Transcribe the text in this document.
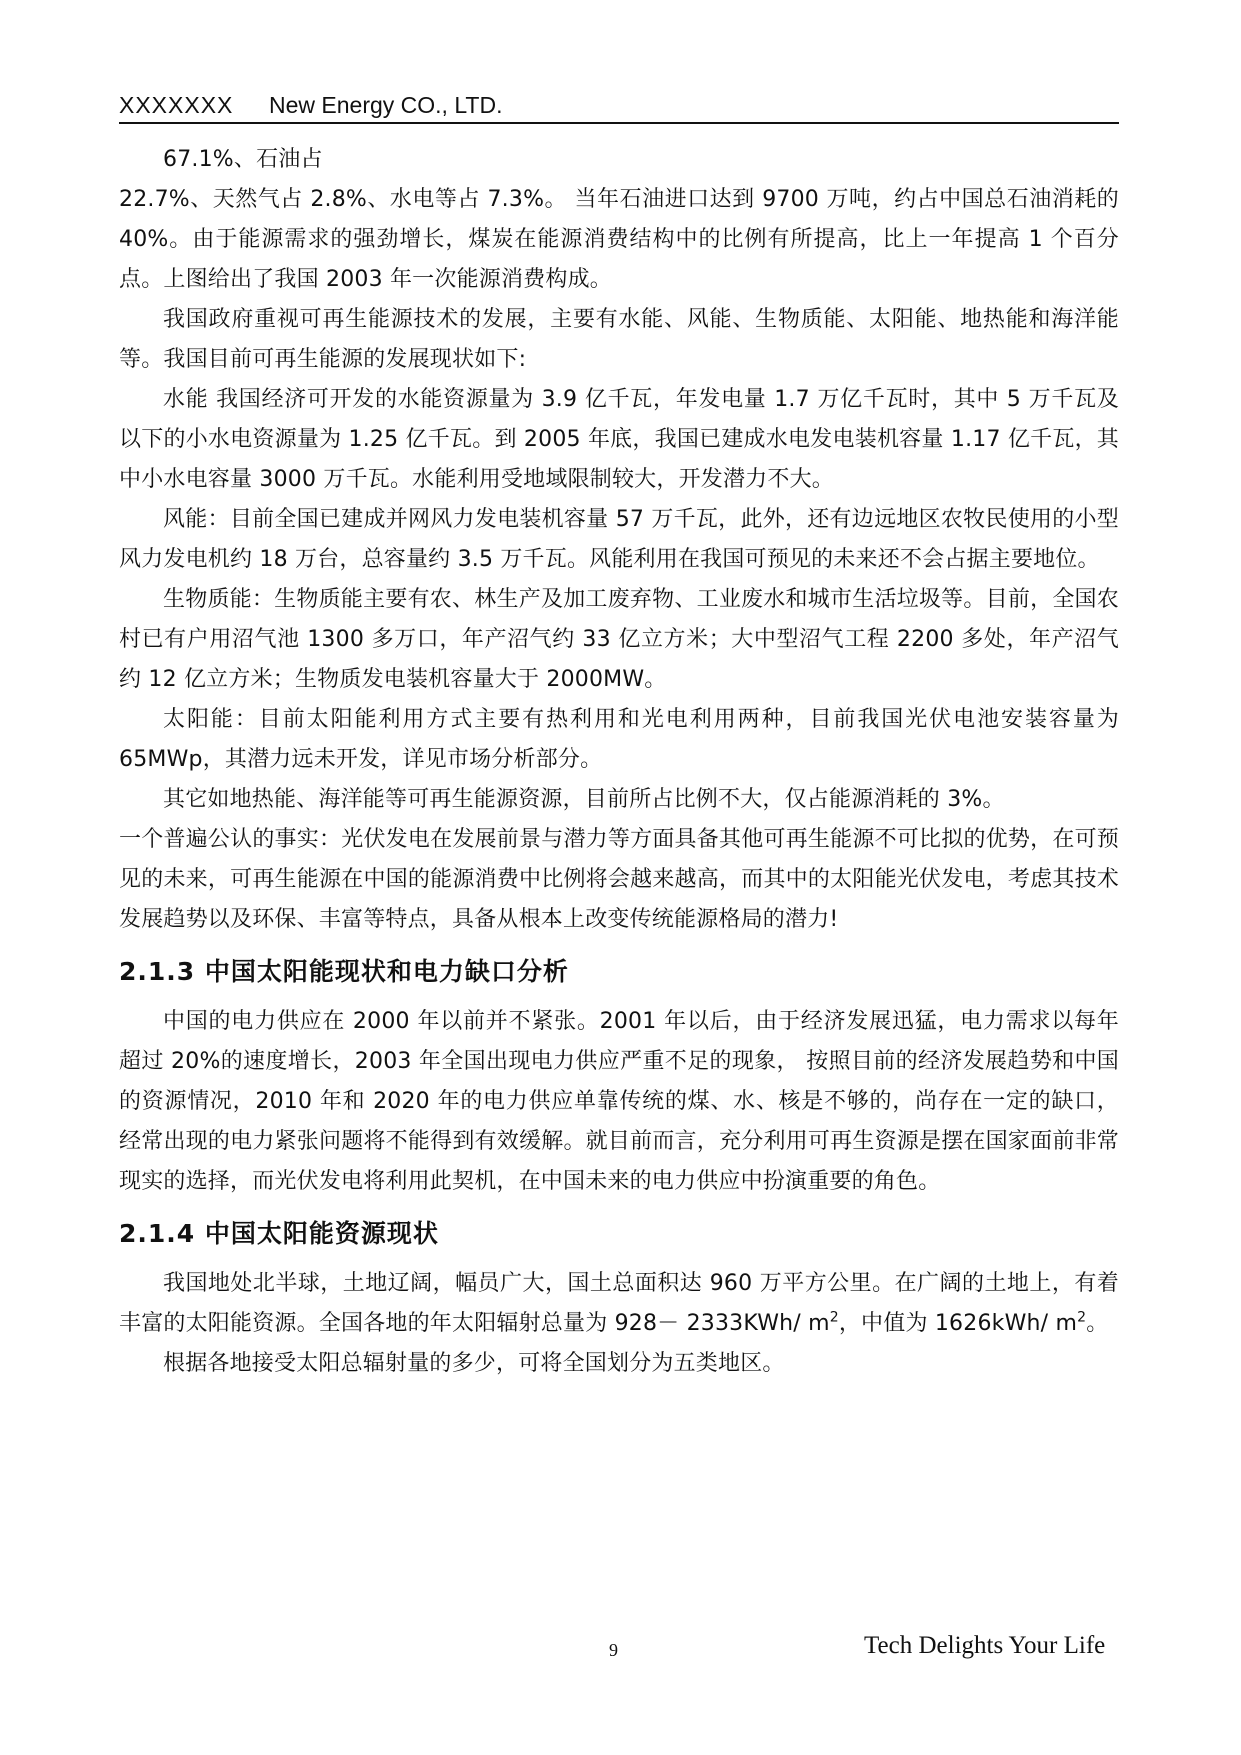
XXXXXXX New Energy CO., LTD.

67.1%、石油占

22.7%、天然气占 2.8%、水电等占 7.3%。 当年石油进口达到 9700 万吨，约占中国总石油消耗的 40%。由于能源需求的强劲增长，煤炭在能源消费结构中的比例有所提高，比上一年提高 1 个百分点。上图给出了我国 2003 年一次能源消费构成。

我国政府重视可再生能源技术的发展，主要有水能、风能、生物质能、太阳能、地热能和海洋能等。我国目前可再生能源的发展现状如下:

水能 我国经济可开发的水能资源量为 3.9 亿千瓦，年发电量 1.7 万亿千瓦时，其中 5 万千瓦及以下的小水电资源量为 1.25 亿千瓦。到 2005 年底，我国已建成水电发电装机容量 1.17 亿千瓦，其中小水电容量 3000 万千瓦。水能利用受地域限制较大，开发潜力不大。

风能：目前全国已建成并网风力发电装机容量 57 万千瓦，此外，还有边远地区农牧民使用的小型风力发电机约 18 万台，总容量约 3.5 万千瓦。风能利用在我国可预见的未来还不会占据主要地位。

生物质能：生物质能主要有农、林生产及加工废弃物、工业废水和城市生活垃圾等。目前，全国农村已有户用沼气池 1300 多万口，年产沼气约 33 亿立方米；大中型沼气工程 2200 多处，年产沼气约 12 亿立方米；生物质发电装机容量大于 2000MW。

太阳能：目前太阳能利用方式主要有热利用和光电利用两种，目前我国光伏电池安装容量为 65MWp，其潜力远未开发，详见市场分析部分。

其它如地热能、海洋能等可再生能源资源，目前所占比例不大，仅占能源消耗的 3%。

一个普遍公认的事实：光伏发电在发展前景与潜力等方面具备其他可再生能源不可比拟的优势，在可预见的未来，可再生能源在中国的能源消费中比例将会越来越高，而其中的太阳能光伏发电，考虑其技术发展趋势以及环保、丰富等特点，具备从根本上改变传统能源格局的潜力!

2.1.3 中国太阳能现状和电力缺口分析

中国的电力供应在 2000 年以前并不紧张。2001 年以后，由于经济发展迅猛，电力需求以每年超过 20%的速度增长，2003 年全国出现电力供应严重不足的现象， 按照目前的经济发展趋势和中国的资源情况，2010 年和 2020 年的电力供应单靠传统的煤、水、核是不够的，尚存在一定的缺口，经常出现的电力紧张问题将不能得到有效缓解。就目前而言，充分利用可再生资源是摆在国家面前非常现实的选择，而光伏发电将利用此契机，在中国未来的电力供应中扮演重要的角色。

2.1.4 中国太阳能资源现状

我国地处北半球，土地辽阔，幅员广大，国土总面积达 960 万平方公里。在广阔的土地上，有着丰富的太阳能资源。全国各地的年太阳辐射总量为 928－ 2333KWh/ $m^2$，中值为 1626kWh/ $m^2$。

根据各地接受太阳总辐射量的多少，可将全国划分为五类地区。

9	Tech Delights Your Life
